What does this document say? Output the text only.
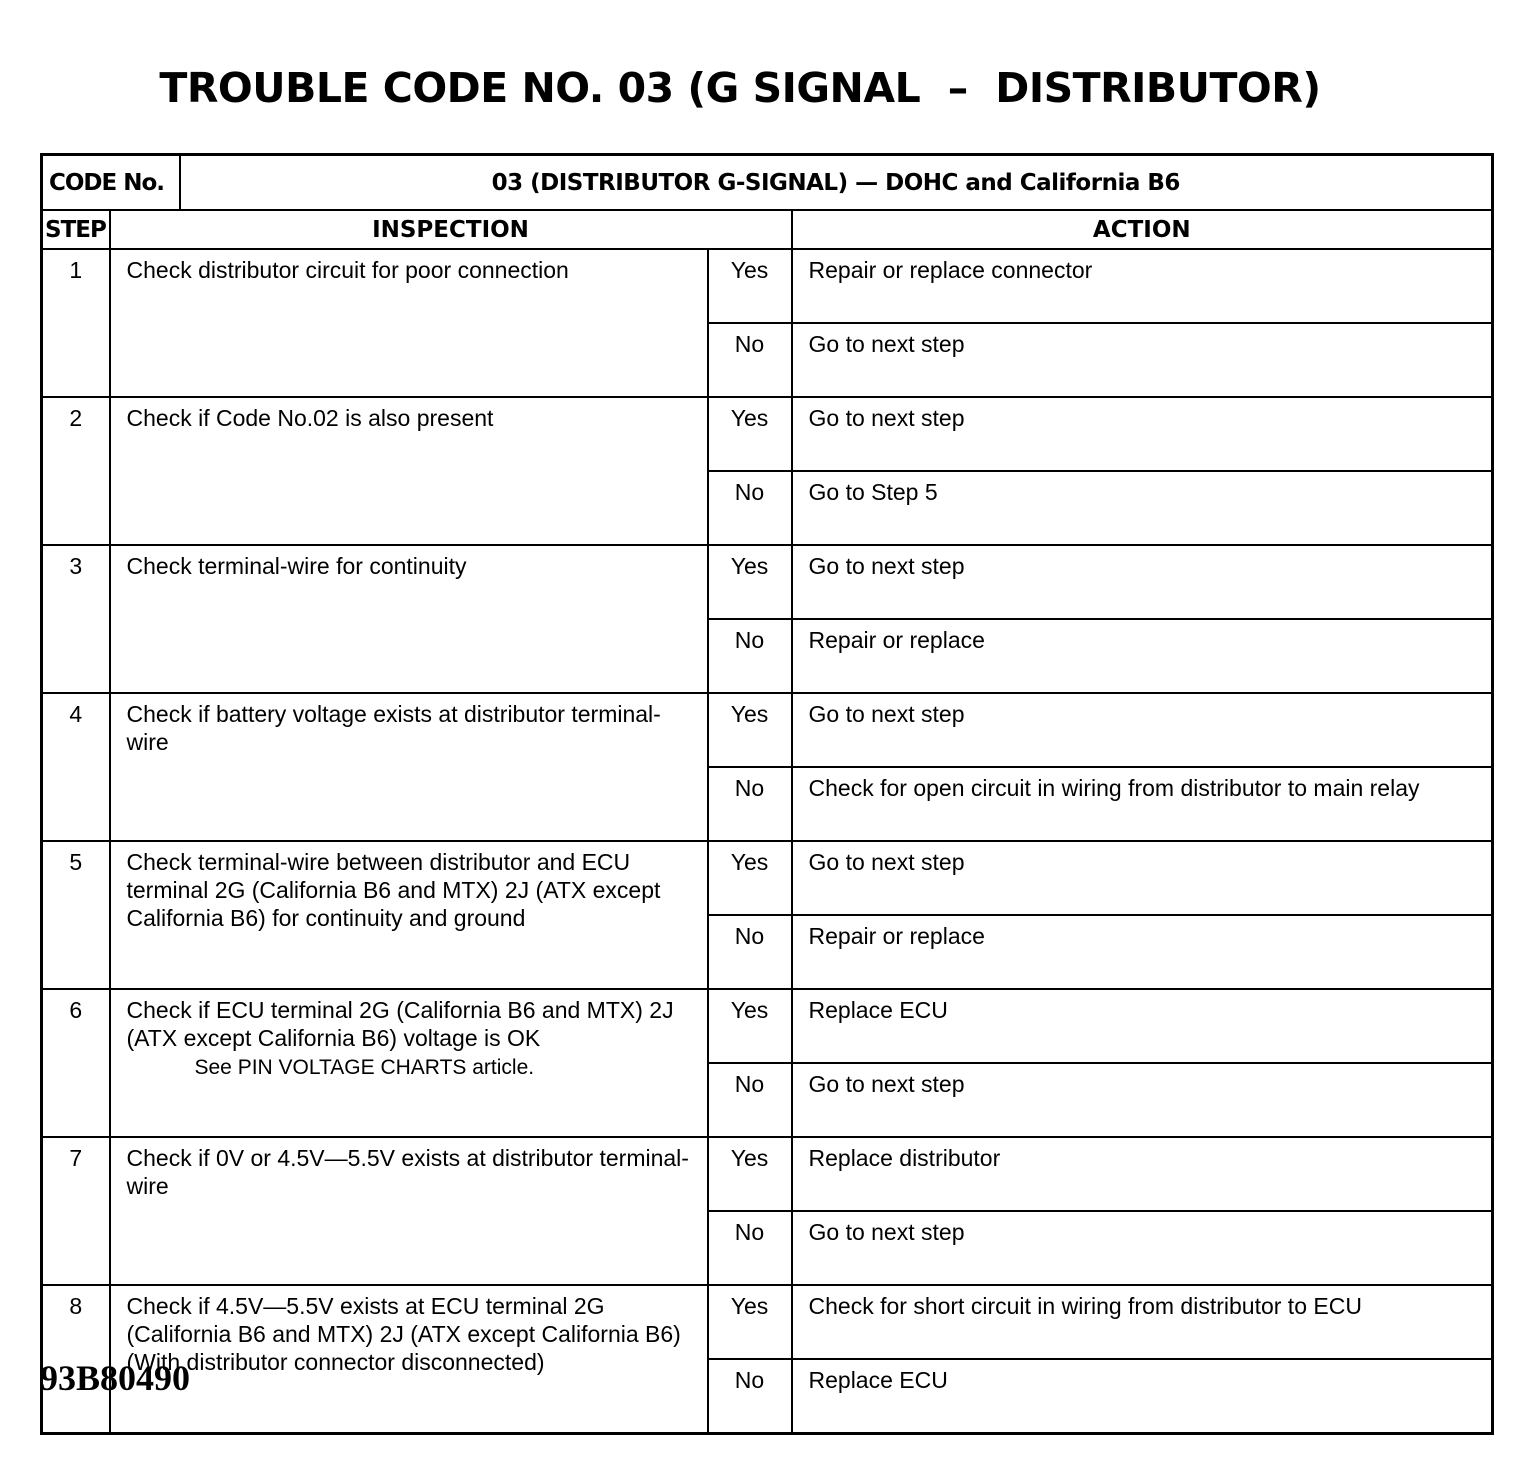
TROUBLE CODE NO. 03 (G SIGNAL  –  DISTRIBUTOR)
CODE No.		03 (DISTRIBUTOR G-SIGNAL) — DOHC and California B6		
STEP	INSPECTION			ACTION
1	Check distributor circuit for poor connection		Yes	Repair or replace connector
			No	Go to next step
2	Check if Code No.02 is also present		Yes	Go to next step
			No	Go to Step 5
3	Check terminal-wire for continuity		Yes	Go to next step
			No	Repair or replace
4	Check if battery voltage exists at distributor terminal-wire		Yes	Go to next step
			No	Check for open circuit in wiring from distributor to main relay
5	Check terminal-wire between distributor and ECU terminal 2G (California B6 and MTX) 2J (ATX except California B6) for continuity and ground		Yes	Go to next step
			No	Repair or replace
6	Check if ECU terminal 2G (California B6 and MTX) 2J (ATX except California B6) voltage is OK
See PIN VOLTAGE CHARTS article.		Yes	Replace ECU
			No	Go to next step
7	Check if 0V or 4.5V—5.5V exists at distributor terminal-wire		Yes	Replace distributor
			No	Go to next step
8	Check if 4.5V—5.5V exists at ECU terminal 2G (California B6 and MTX) 2J (ATX except California B6) (With distributor connector disconnected)		Yes	Check for short circuit in wiring from distributor to ECU
			No	Replace ECU
93B80490
